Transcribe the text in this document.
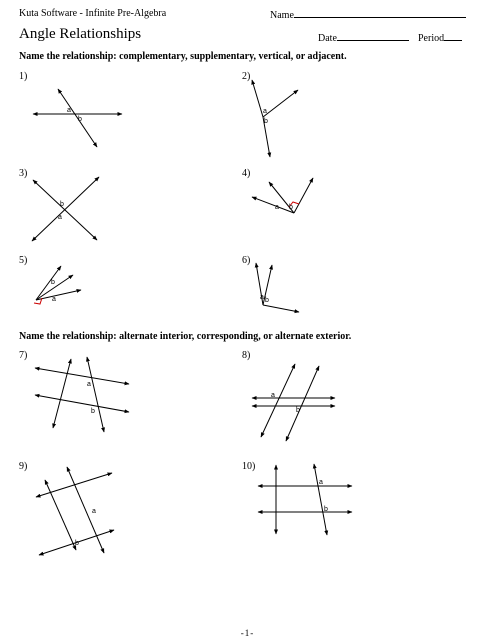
Kuta Software - Infinite Pre-Algebra	Name
Angle Relationships	Date	Period
Name the relationship: complementary, supplementary, vertical, or adjacent.
1)	2)
3)	4)
5)	6)
Name the relationship: alternate interior, corresponding, or alternate exterior.
7)	8)
9)	10)
a
b
a
b
b
a
a b
b
a	a b
a
b
a
b
a
b
a
b
-1-
